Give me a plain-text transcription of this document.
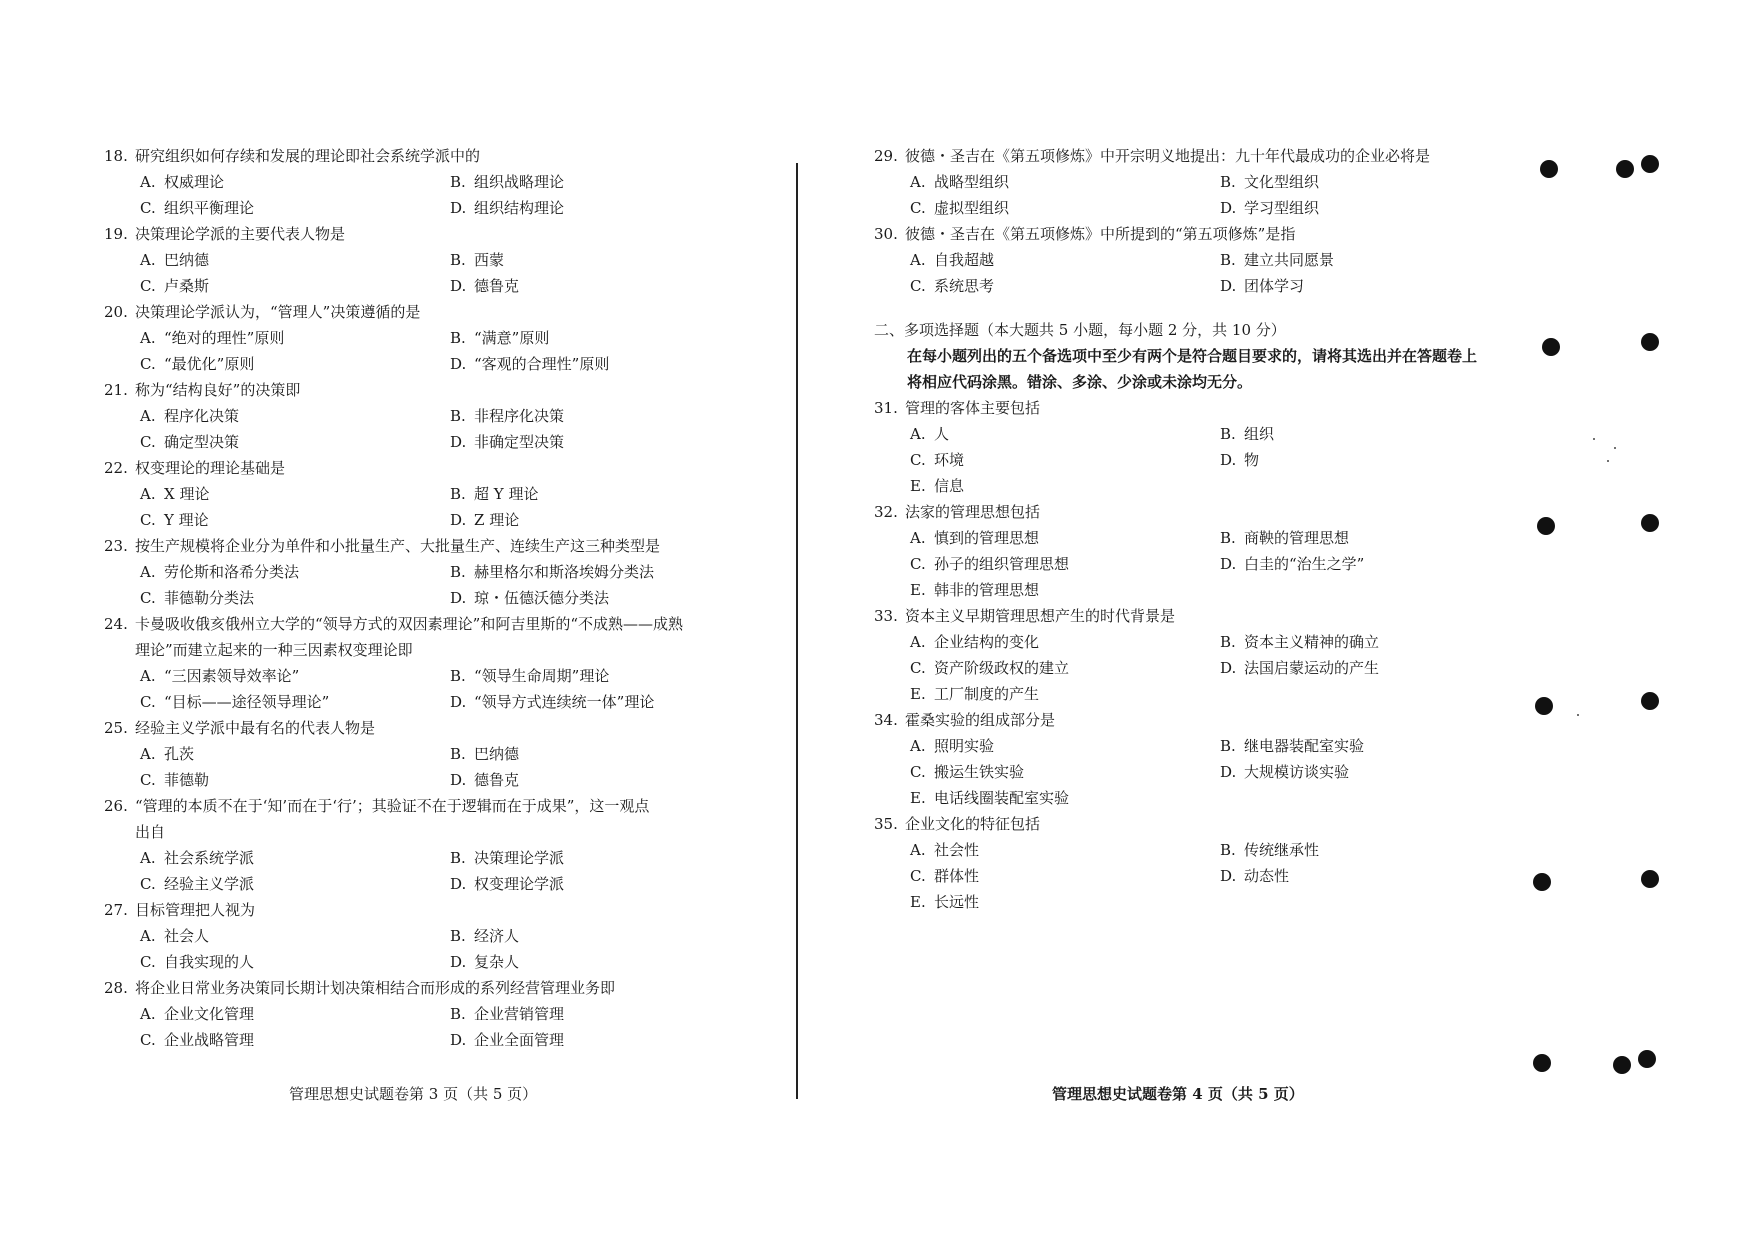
18. 研究组织如何存续和发展的理论即社会系统学派中的
A. 权威理论	B. 组织战略理论
C. 组织平衡理论	D. 组织结构理论
19. 决策理论学派的主要代表人物是
A. 巴纳德	B. 西蒙
C. 卢桑斯	D. 德鲁克
20. 决策理论学派认为，“管理人”决策遵循的是
A. “绝对的理性”原则	B. “满意”原则
C. “最优化”原则	D. “客观的合理性”原则
21. 称为“结构良好”的决策即
A. 程序化决策	B. 非程序化决策
C. 确定型决策	D. 非确定型决策
22. 权变理论的理论基础是
A. X 理论	B. 超 Y 理论
C. Y 理论	D. Z 理论
23. 按生产规模将企业分为单件和小批量生产、大批量生产、连续生产这三种类型是
A. 劳伦斯和洛希分类法	B. 赫里格尔和斯洛埃姆分类法
C. 菲德勒分类法	D. 琼・伍德沃德分类法
24. 卡曼吸收俄亥俄州立大学的“领导方式的双因素理论”和阿吉里斯的“不成熟——成熟
理论”而建立起来的一种三因素权变理论即
A. “三因素领导效率论”	B. “领导生命周期”理论
C. “目标——途径领导理论”	D. “领导方式连续统一体”理论
25. 经验主义学派中最有名的代表人物是
A. 孔茨	B. 巴纳德
C. 菲德勒	D. 德鲁克
26. “管理的本质不在于‘知’而在于‘行’；其验证不在于逻辑而在于成果”，这一观点
出自
A. 社会系统学派	B. 决策理论学派
C. 经验主义学派	D. 权变理论学派
27. 目标管理把人视为
A. 社会人	B. 经济人
C. 自我实现的人	D. 复杂人
28. 将企业日常业务决策同长期计划决策相结合而形成的系列经营管理业务即
A. 企业文化管理	B. 企业营销管理
C. 企业战略管理	D. 企业全面管理
29. 彼德・圣吉在《第五项修炼》中开宗明义地提出：九十年代最成功的企业必将是
A. 战略型组织	B. 文化型组织
C. 虚拟型组织	D. 学习型组织
30. 彼德・圣吉在《第五项修炼》中所提到的“第五项修炼”是指
A. 自我超越	B. 建立共同愿景
C. 系统思考	D. 团体学习
二、多项选择题（本大题共 5 小题，每小题 2 分，共 10 分）
在每小题列出的五个备选项中至少有两个是符合题目要求的，请将其选出并在答题卷上
将相应代码涂黑。错涂、多涂、少涂或未涂均无分。
31. 管理的客体主要包括
A. 人	B. 组织
C. 环境	D. 物
E. 信息
32. 法家的管理思想包括
A. 慎到的管理思想	B. 商鞅的管理思想
C. 孙子的组织管理思想	D. 白圭的“治生之学”
E. 韩非的管理思想
33. 资本主义早期管理思想产生的时代背景是
A. 企业结构的变化	B. 资本主义精神的确立
C. 资产阶级政权的建立	D. 法国启蒙运动的产生
E. 工厂制度的产生
34. 霍桑实验的组成部分是
A. 照明实验	B. 继电器装配室实验
C. 搬运生铁实验	D. 大规模访谈实验
E. 电话线圈装配室实验
35. 企业文化的特征包括
A. 社会性	B. 传统继承性
C. 群体性	D. 动态性
E. 长远性
管理思想史试题卷第 3 页（共 5 页）	管理思想史试题卷第 4 页（共 5 页）
